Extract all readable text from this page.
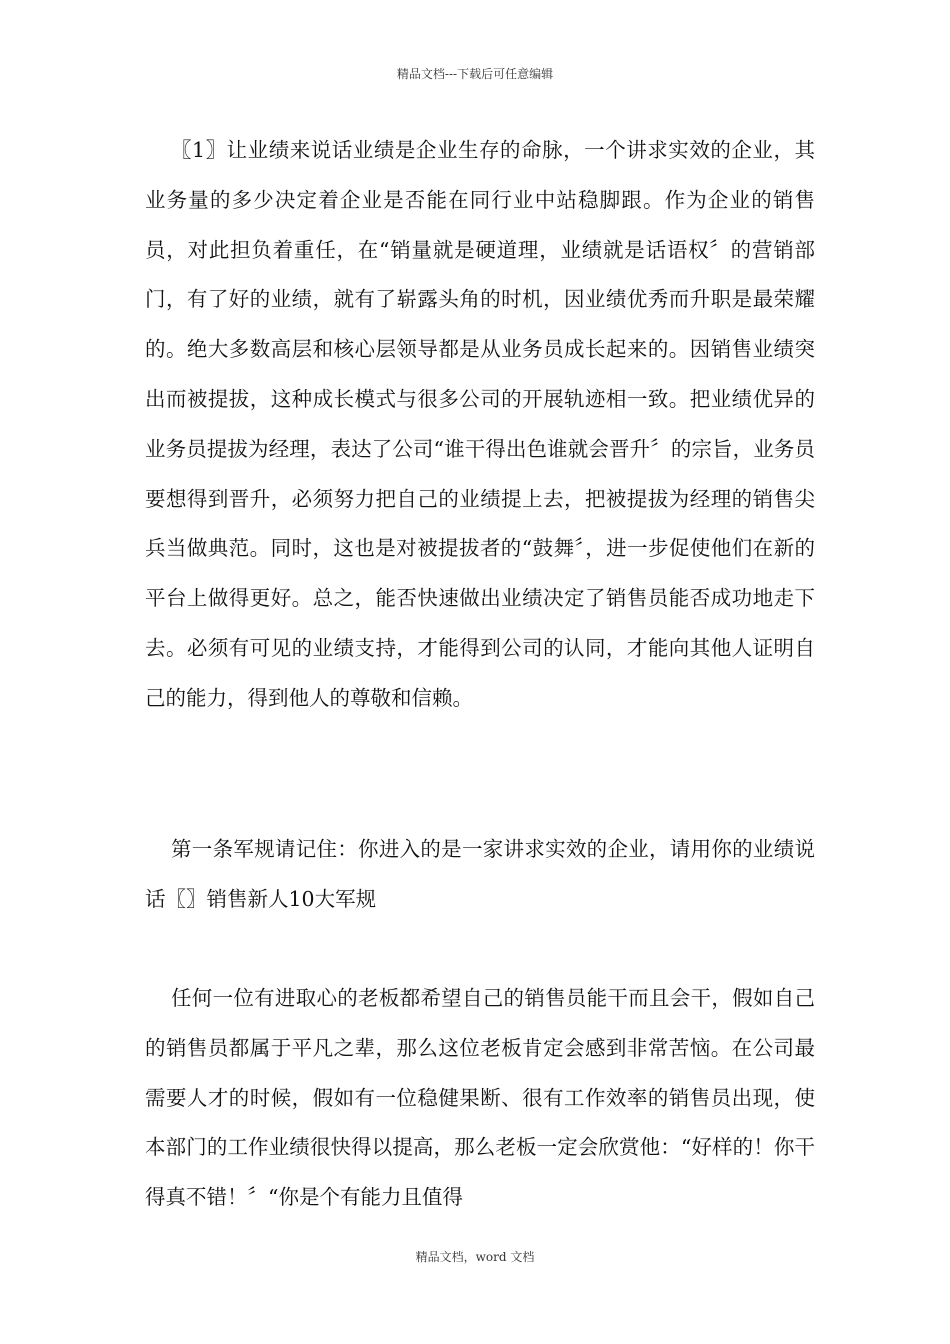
精品文档---下载后可任意编辑

〖1〗让业绩来说话业绩是企业生存的命脉，一个讲求实效的企业，其业务量的多少决定着企业是否能在同行业中站稳脚跟。作为企业的销售员，对此担负着重任，在“销量就是硬道理，业绩就是话语权〞的营销部门，有了好的业绩，就有了崭露头角的时机，因业绩优秀而升职是最荣耀的。绝大多数高层和核心层领导都是从业务员成长起来的。因销售业绩突出而被提拔，这种成长模式与很多公司的开展轨迹相一致。把业绩优异的业务员提拔为经理，表达了公司“谁干得出色谁就会晋升〞的宗旨，业务员要想得到晋升，必须努力把自己的业绩提上去，把被提拔为经理的销售尖兵当做典范。同时，这也是对被提拔者的“鼓舞〞，进一步促使他们在新的平台上做得更好。总之，能否快速做出业绩决定了销售员能否成功地走下去。必须有可见的业绩支持，才能得到公司的认同，才能向其他人证明自己的能力，得到他人的尊敬和信赖。

第一条军规请记住：你进入的是一家讲求实效的企业，请用你的业绩说话〖〗销售新人10大军规

任何一位有进取心的老板都希望自己的销售员能干而且会干，假如自己的销售员都属于平凡之辈，那么这位老板肯定会感到非常苦恼。在公司最需要人才的时候，假如有一位稳健果断、很有工作效率的销售员出现，使本部门的工作业绩很快得以提高，那么老板一定会欣赏他：“好样的！你干得真不错！〞“你是个有能力且值得

精品文档，word 文档
